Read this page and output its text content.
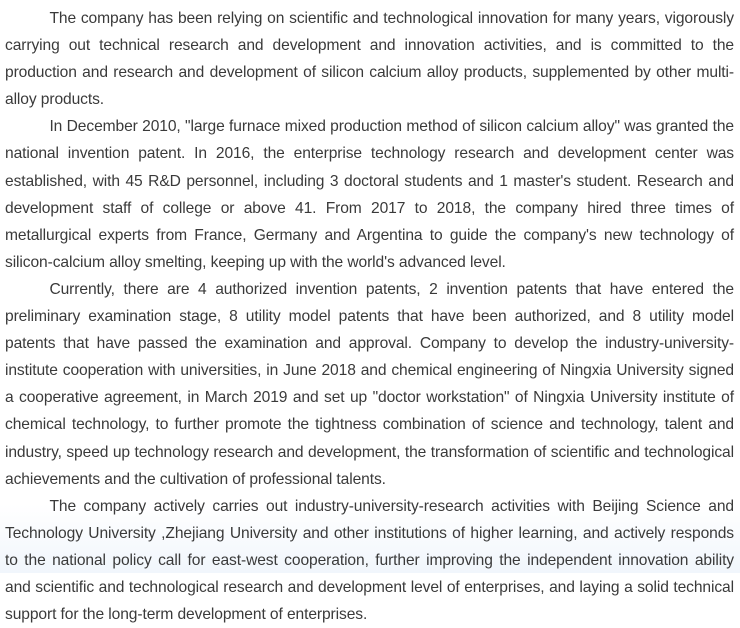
The company has been relying on scientific and technological innovation for many years, vigorously carrying out technical research and development and innovation activities, and is committed to the production and research and development of silicon calcium alloy products, supplemented by other multi-alloy products.

In December 2010, "large furnace mixed production method of silicon calcium alloy" was granted the national invention patent. In 2016, the enterprise technology research and development center was established, with 45 R&D personnel, including 3 doctoral students and 1 master's student. Research and development staff of college or above 41. From 2017 to 2018, the company hired three times of metallurgical experts from France, Germany and Argentina to guide the company's new technology of silicon-calcium alloy smelting, keeping up with the world's advanced level.

Currently, there are 4 authorized invention patents, 2 invention patents that have entered the preliminary examination stage, 8 utility model patents that have been authorized, and 8 utility model patents that have passed the examination and approval. Company to develop the industry-university-institute cooperation with universities, in June 2018 and chemical engineering of Ningxia University signed a cooperative agreement, in March 2019 and set up "doctor workstation" of Ningxia University institute of chemical technology, to further promote the tightness combination of science and technology, talent and industry, speed up technology research and development, the transformation of scientific and technological achievements and the cultivation of professional talents.

The company actively carries out industry-university-research activities with Beijing Science and Technology University ,Zhejiang University and other institutions of higher learning, and actively responds to the national policy call for east-west cooperation, further improving the independent innovation ability and scientific and technological research and development level of enterprises, and laying a solid technical support for the long-term development of enterprises.
